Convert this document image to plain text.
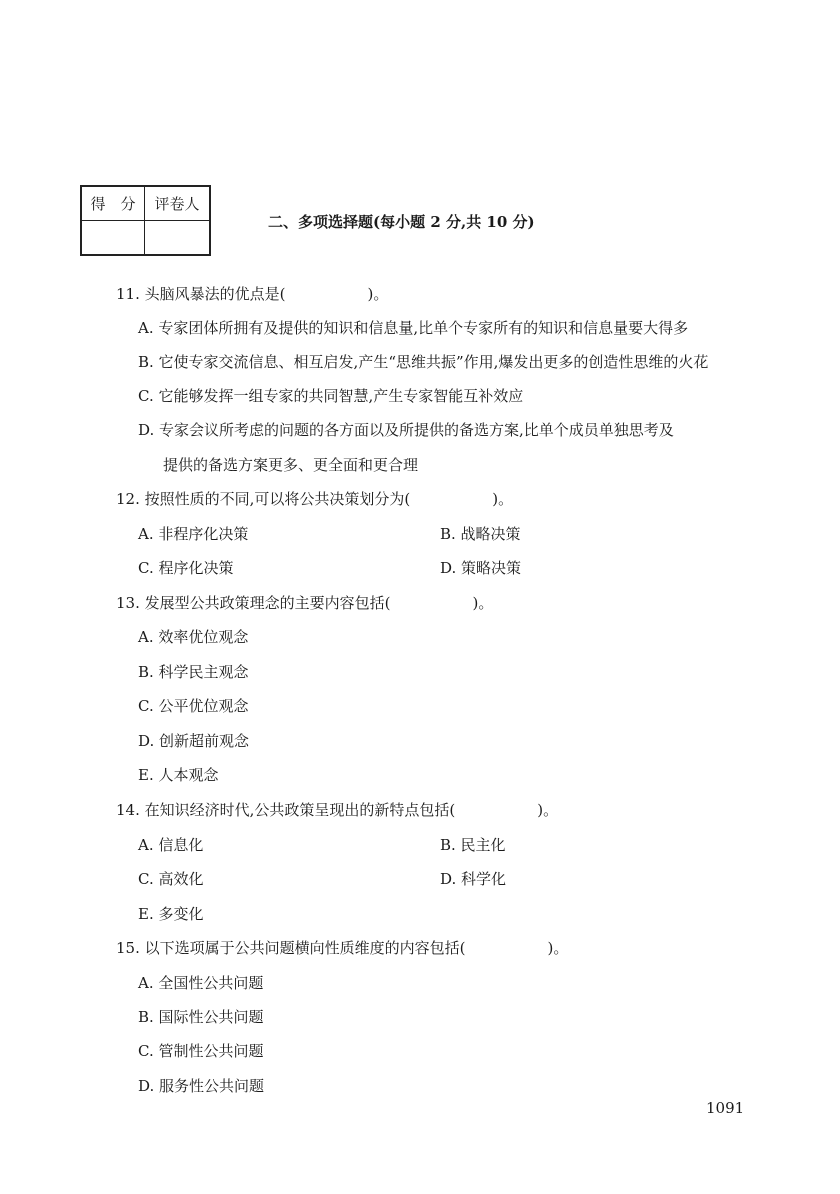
得　分	评卷人

二、多项选择题(每小题 2 分,共 10 分)
11. 头脑风暴法的优点是(	)。
A. 专家团体所拥有及提供的知识和信息量,比单个专家所有的知识和信息量要大得多
B. 它使专家交流信息、相互启发,产生“思维共振”作用,爆发出更多的创造性思维的火花
C. 它能够发挥一组专家的共同智慧,产生专家智能互补效应
D. 专家会议所考虑的问题的各方面以及所提供的备选方案,比单个成员单独思考及
提供的备选方案更多、更全面和更合理
12. 按照性质的不同,可以将公共决策划分为(	)。
A. 非程序化决策	B. 战略决策
C. 程序化决策	D. 策略决策
13. 发展型公共政策理念的主要内容包括(	)。
A. 效率优位观念
B. 科学民主观念
C. 公平优位观念
D. 创新超前观念
E. 人本观念
14. 在知识经济时代,公共政策呈现出的新特点包括(	)。
A. 信息化	B. 民主化
C. 高效化	D. 科学化
E. 多变化
15. 以下选项属于公共问题横向性质维度的内容包括(	)。
A. 全国性公共问题
B. 国际性公共问题
C. 管制性公共问题
D. 服务性公共问题
1091
